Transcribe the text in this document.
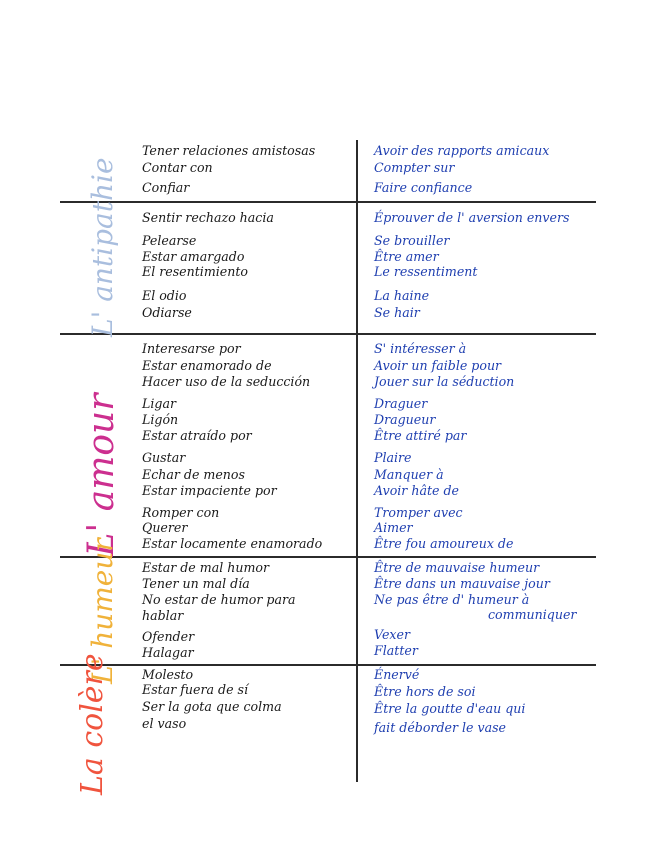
L' antipathie
L' amour
L' humeur
La colère
Tener relaciones amistosas	Avoir des rapports amicaux
Contar con	Compter sur
Confiar	Faire confiance
Sentir rechazo hacia	Éprouver de l' aversion envers
Pelearse	Se brouiller
Estar amargado	Être amer
El resentimiento	Le ressentiment
El odio	La haine
Odiarse	Se hair
Interesarse por	S' intéresser à
Estar enamorado de	Avoir un faible pour
Hacer uso de la seducción	Jouer sur la séduction
Ligar	Draguer
Ligón	Dragueur
Estar atraído por	Être attiré par
Gustar	Plaire
Echar de menos	Manquer à
Estar impaciente por	Avoir hâte de
Romper con	Tromper avec
Querer	Aimer
Estar locamente enamorado	Être fou amoureux de
Estar de mal humor	Être de mauvaise humeur
Tener un mal día	Être dans un mauvaise jour
No estar de humor para	Ne pas être d' humeur à
hablar	communiquer
Ofender	Vexer
Halagar	Flatter
Molesto	Énervé
Estar fuera de sí	Être hors de soi
Ser la gota que colma	Être la goutte d'eau qui
el vaso	fait déborder le vase
